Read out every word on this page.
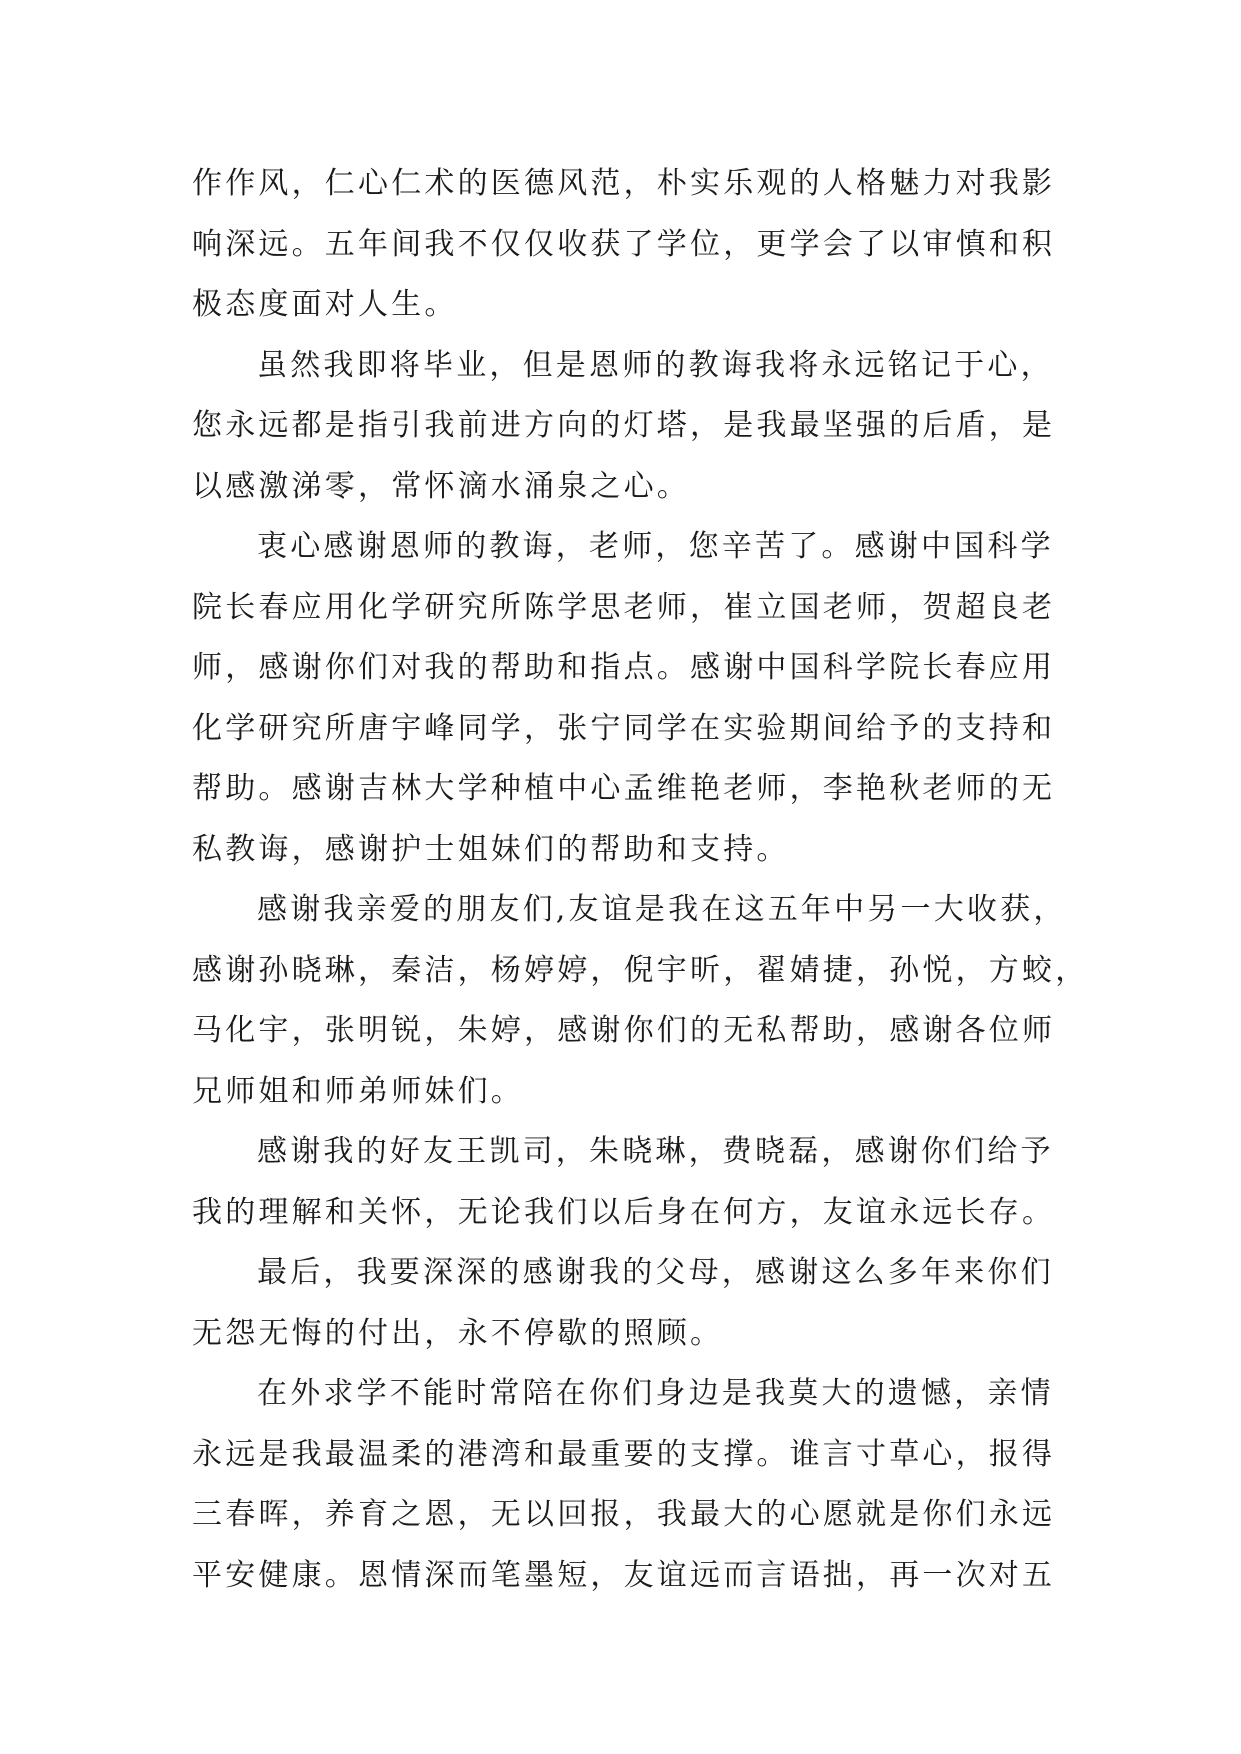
作作风，仁心仁术的医德风范，朴实乐观的人格魅力对我影
响深远。五年间我不仅仅收获了学位，更学会了以审慎和积
极态度面对人生。
虽然我即将毕业，但是恩师的教诲我将永远铭记于心，
您永远都是指引我前进方向的灯塔，是我最坚强的后盾，是
以感激涕零，常怀滴水涌泉之心。
衷心感谢恩师的教诲，老师，您辛苦了。感谢中国科学
院长春应用化学研究所陈学思老师，崔立国老师，贺超良老
师，感谢你们对我的帮助和指点。感谢中国科学院长春应用
化学研究所唐宇峰同学，张宁同学在实验期间给予的支持和
帮助。感谢吉林大学种植中心孟维艳老师，李艳秋老师的无
私教诲，感谢护士姐妹们的帮助和支持。
感谢我亲爱的朋友们,友谊是我在这五年中另一大收获，
感谢孙晓琳，秦洁，杨婷婷，倪宇昕，翟婧捷，孙悦，方蛟，
马化宇，张明锐，朱婷，感谢你们的无私帮助，感谢各位师
兄师姐和师弟师妹们。
感谢我的好友王凯司，朱晓琳，费晓磊，感谢你们给予
我的理解和关怀，无论我们以后身在何方，友谊永远长存。
最后，我要深深的感谢我的父母，感谢这么多年来你们
无怨无悔的付出，永不停歇的照顾。
在外求学不能时常陪在你们身边是我莫大的遗憾，亲情
永远是我最温柔的港湾和最重要的支撑。谁言寸草心，报得
三春晖，养育之恩，无以回报，我最大的心愿就是你们永远
平安健康。恩情深而笔墨短，友谊远而言语拙，再一次对五
